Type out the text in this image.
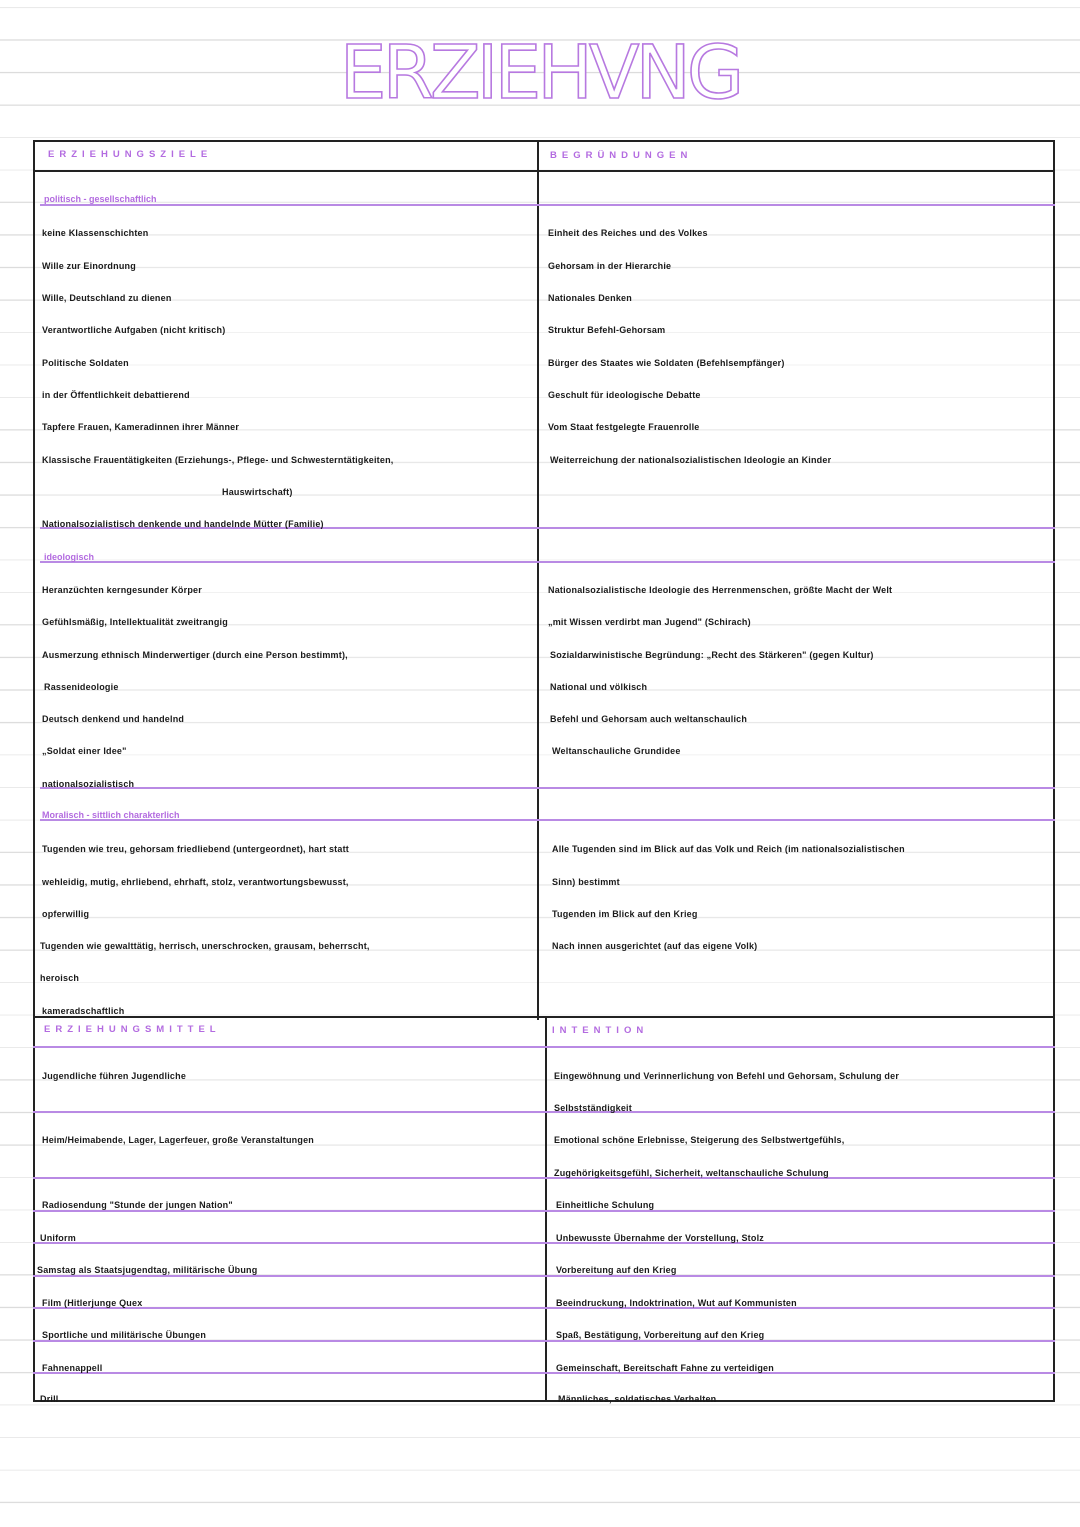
ERZIEHVNG
ERZIEHUNGSZIELE	BEGRÜNDUNGEN
ERZIEHUNGSMITTEL	INTENTION
politisch - gesellschaftlich
ideologisch
Moralisch - sittlich charakterlich
keine Klassenschichten
Wille zur Einordnung
Wille, Deutschland zu dienen
Verantwortliche Aufgaben (nicht kritisch)
Politische Soldaten
in der Öffentlichkeit debattierend
Tapfere Frauen, Kameradinnen ihrer Männer
Klassische Frauentätigkeiten (Erziehungs-, Pflege- und Schwesterntätigkeiten,
Hauswirtschaft)
Nationalsozialistisch denkende und handelnde Mütter (Familie)
Einheit des Reiches und des Volkes
Gehorsam in der Hierarchie
Nationales Denken
Struktur Befehl-Gehorsam
Bürger des Staates wie Soldaten (Befehlsempfänger)
Geschult für ideologische Debatte
Vom Staat festgelegte Frauenrolle
Weiterreichung der nationalsozialistischen Ideologie an Kinder
Heranzüchten kerngesunder Körper
Gefühlsmäßig, Intellektualität zweitrangig
Ausmerzung ethnisch Minderwertiger (durch eine Person bestimmt),
Rassenideologie
Deutsch denkend und handelnd
„Soldat einer Idee"
nationalsozialistisch
Nationalsozialistische Ideologie des Herrenmenschen, größte Macht der Welt
„mit Wissen verdirbt man Jugend" (Schirach)
Sozialdarwinistische Begründung: „Recht des Stärkeren" (gegen Kultur)
National und völkisch
Befehl und Gehorsam auch weltanschaulich
Weltanschauliche Grundidee
Tugenden wie treu, gehorsam friedliebend (untergeordnet), hart statt
wehleidig, mutig, ehrliebend, ehrhaft, stolz, verantwortungsbewusst,
opferwillig
Tugenden wie gewalttätig, herrisch, unerschrocken, grausam, beherrscht,
heroisch
kameradschaftlich
Alle Tugenden sind im Blick auf das Volk und Reich (im nationalsozialistischen
Sinn) bestimmt
Tugenden im Blick auf den Krieg
Nach innen ausgerichtet (auf das eigene Volk)
Jugendliche führen Jugendliche
Heim/Heimabende, Lager, Lagerfeuer, große Veranstaltungen
Radiosendung "Stunde der jungen Nation"
Uniform
Samstag als Staatsjugendtag, militärische Übung
Film (Hitlerjunge Quex
Sportliche und militärische Übungen
Fahnenappell
Drill
Eingewöhnung und Verinnerlichung von Befehl und Gehorsam, Schulung der
Selbstständigkeit
Emotional schöne Erlebnisse, Steigerung des Selbstwertgefühls,
Zugehörigkeitsgefühl, Sicherheit, weltanschauliche Schulung
Einheitliche Schulung
Unbewusste Übernahme der Vorstellung, Stolz
Vorbereitung auf den Krieg
Beeindruckung, Indoktrination, Wut auf Kommunisten
Spaß, Bestätigung, Vorbereitung auf den Krieg
Gemeinschaft, Bereitschaft Fahne zu verteidigen
Männliches, soldatisches Verhalten
